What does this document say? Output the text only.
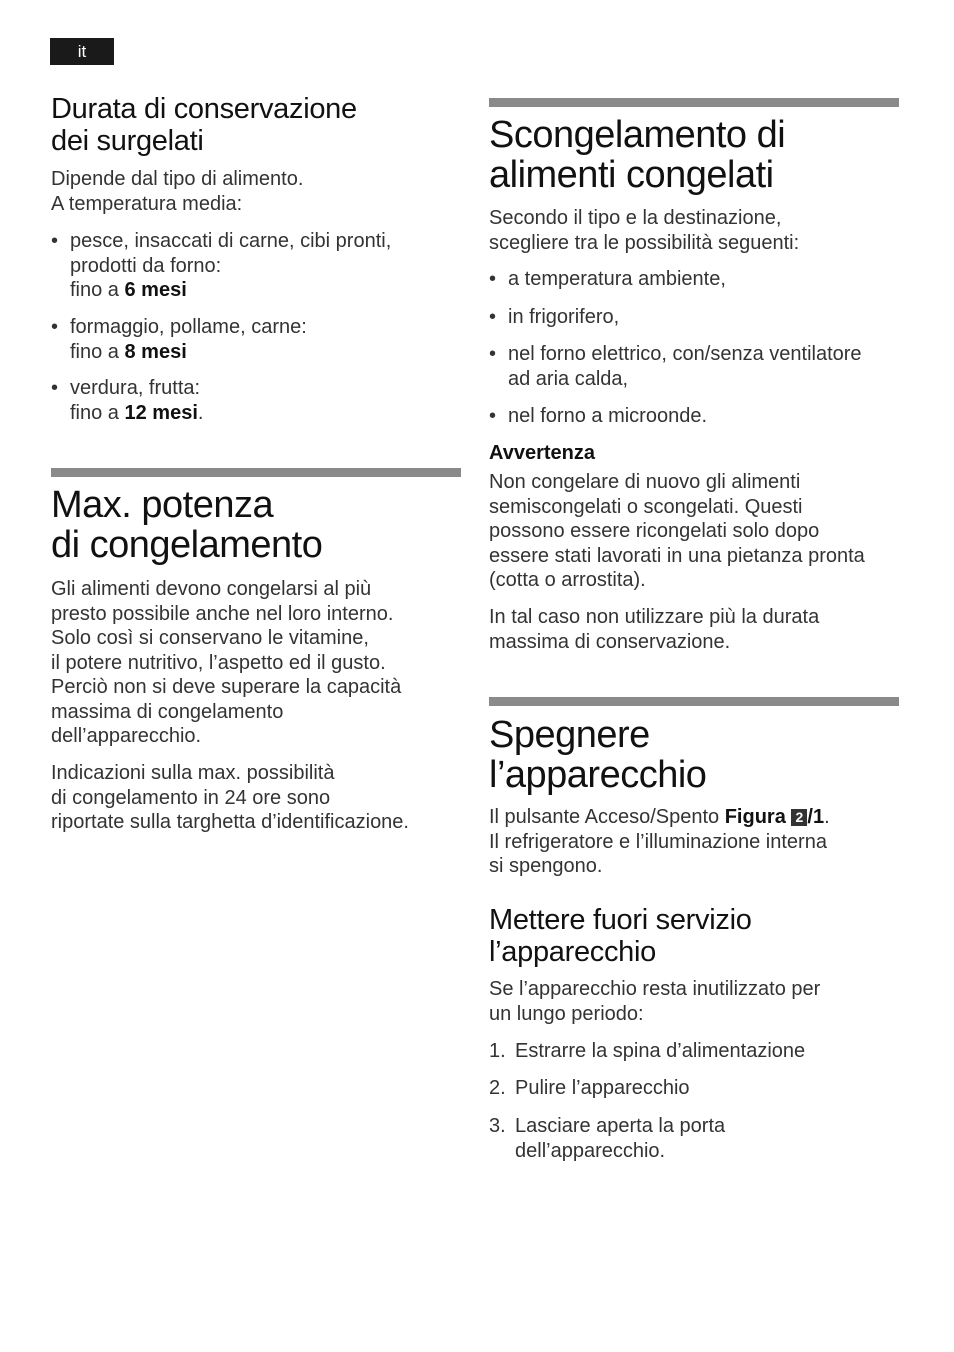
it
Durata di conservazione
dei surgelati

Dipende dal tipo di alimento.
A temperatura media:

• pesce, insaccati di carne, cibi pronti,
prodotti da forno:
fino a 6 mesi
• formaggio, pollame, carne:
fino a 8 mesi
• verdura, frutta:
fino a 12 mesi.
Max. potenza
di congelamento

Gli alimenti devono congelarsi al più
presto possibile anche nel loro interno.
Solo così si conservano le vitamine,
il potere nutritivo, l’aspetto ed il gusto.
Perciò non si deve superare la capacità
massima di congelamento
dell’apparecchio.

Indicazioni sulla max. possibilità
di congelamento in 24 ore sono
riportate sulla targhetta d’identificazione.

Scongelamento di
alimenti congelati

Secondo il tipo e la destinazione,
scegliere tra le possibilità seguenti:

• a temperatura ambiente,
• in frigorifero,
• nel forno elettrico, con/senza ventilatore
ad aria calda,
• nel forno a microonde.

Avvertenza

Non congelare di nuovo gli alimenti
semiscongelati o scongelati. Questi
possono essere ricongelati solo dopo
essere stati lavorati in una pietanza pronta
(cotta o arrostita).

In tal caso non utilizzare più la durata
massima di conservazione.

Spegnere
l’apparecchio

Il pulsante Acceso/Spento Figura 2 /1.
Il refrigeratore e l’illuminazione interna
si spengono.

Mettere fuori servizio
l’apparecchio

Se l’apparecchio resta inutilizzato per
un lungo periodo:

1. Estrarre la spina d’alimentazione
2. Pulire l’apparecchio
3. Lasciare aperta la porta
dell’apparecchio.
